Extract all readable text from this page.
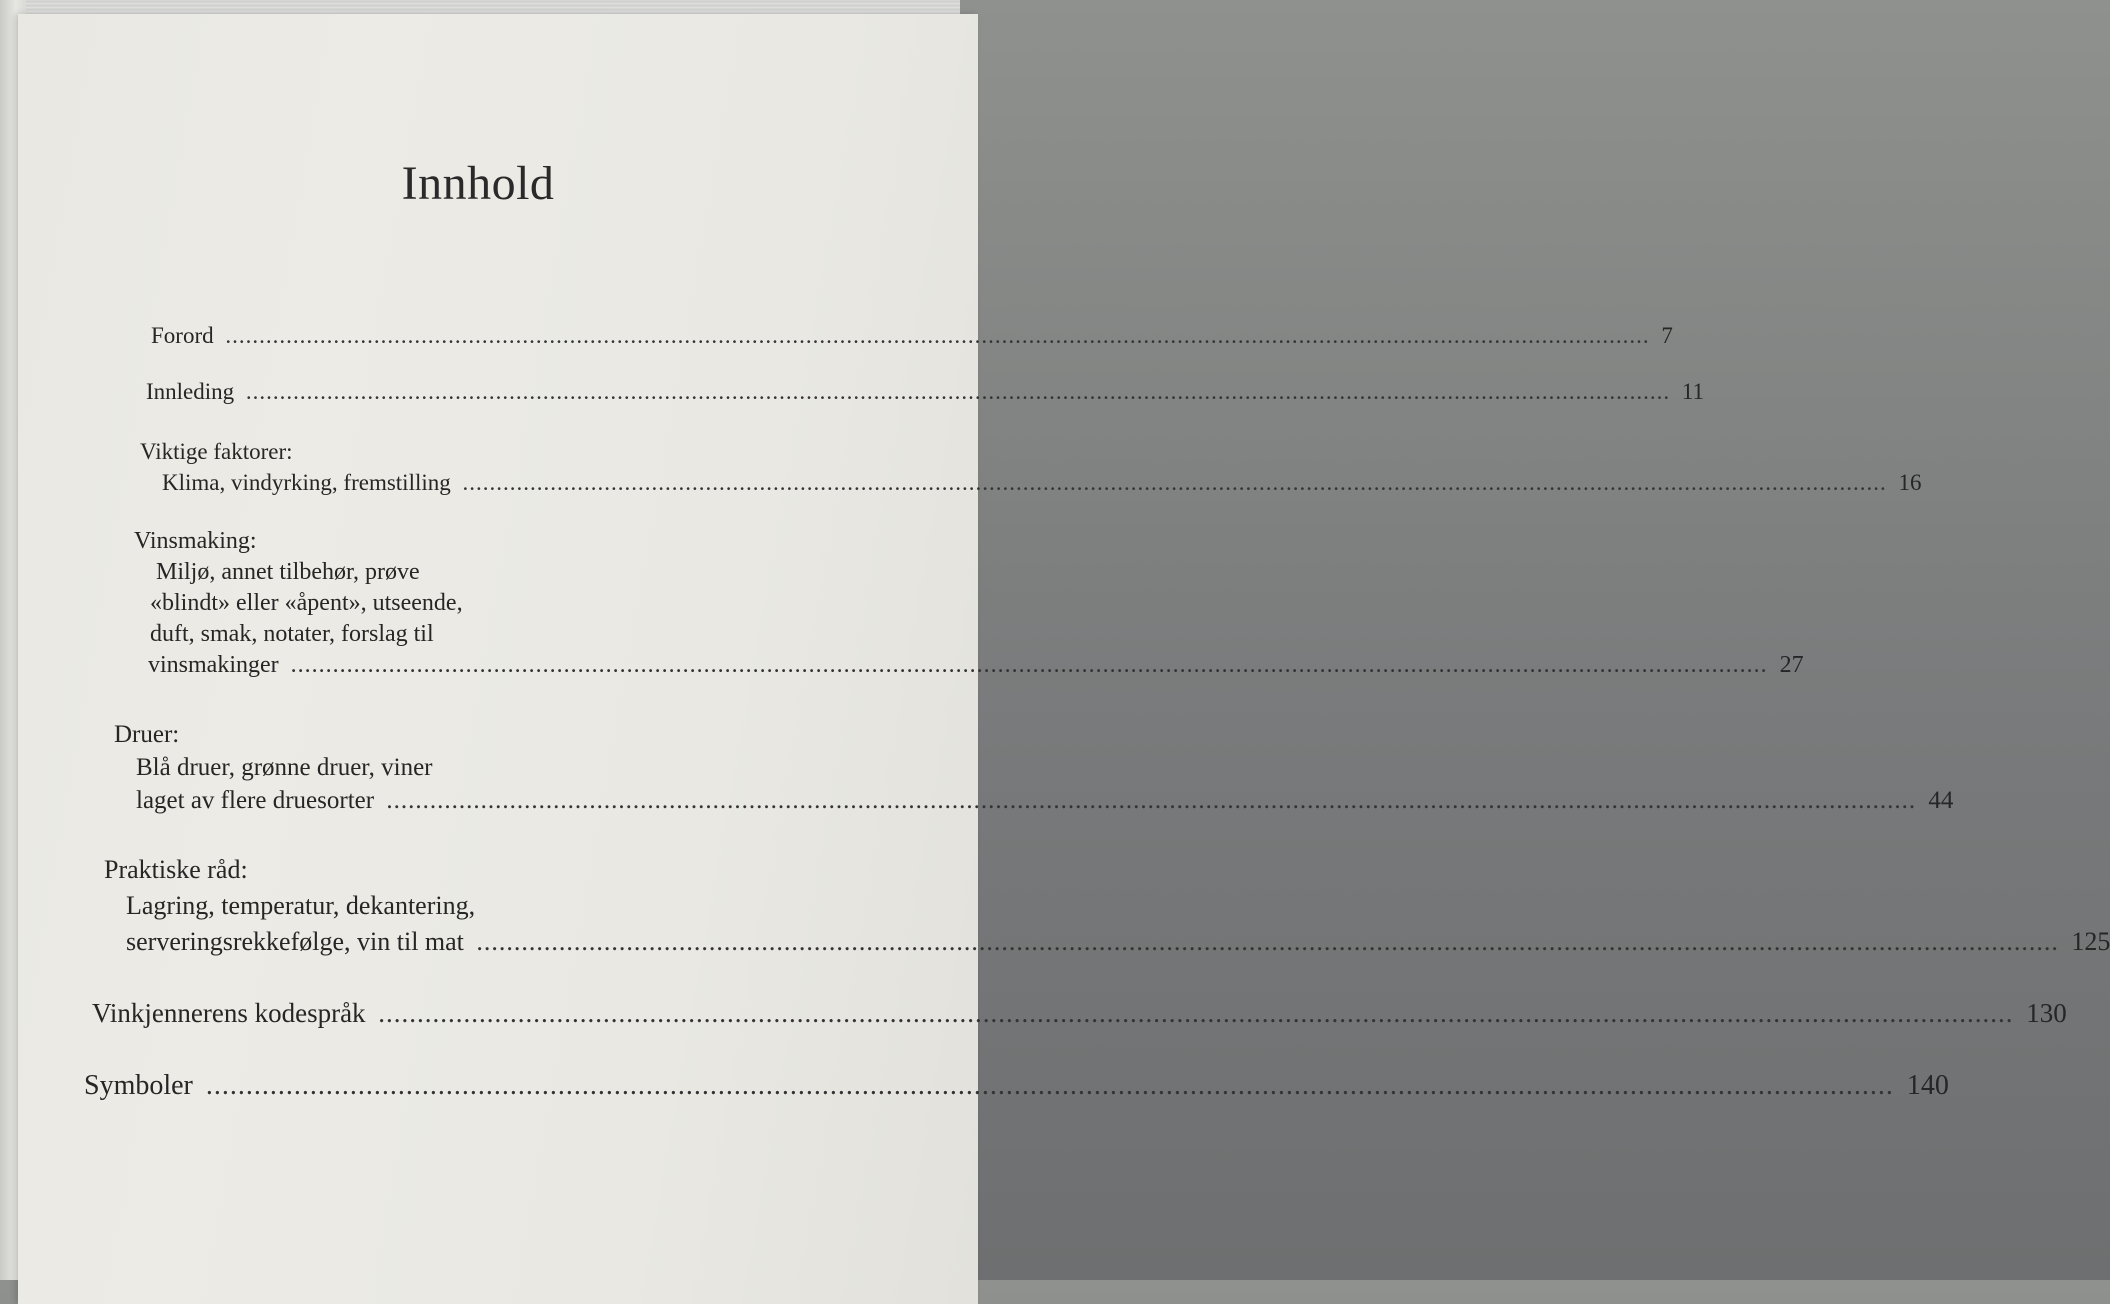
Innhold
Forord .....	7
Innleding .....	11
Viktige faktorer:
Klima, vindyrking, fremstilling .....	16
Vinsmaking:
Miljø, annet tilbehør, prøve
«blindt» eller «åpent», utseende,
duft, smak, notater, forslag til
vinsmakinger .....	27
Druer:
Blå druer, grønne druer, viner
laget av flere druesorter .....	44
Praktiske råd:
Lagring, temperatur, dekantering,
serveringsrekkefølge, vin til mat .....	125
Vinkjennerens kodespråk .....	130
Symboler .....	140
